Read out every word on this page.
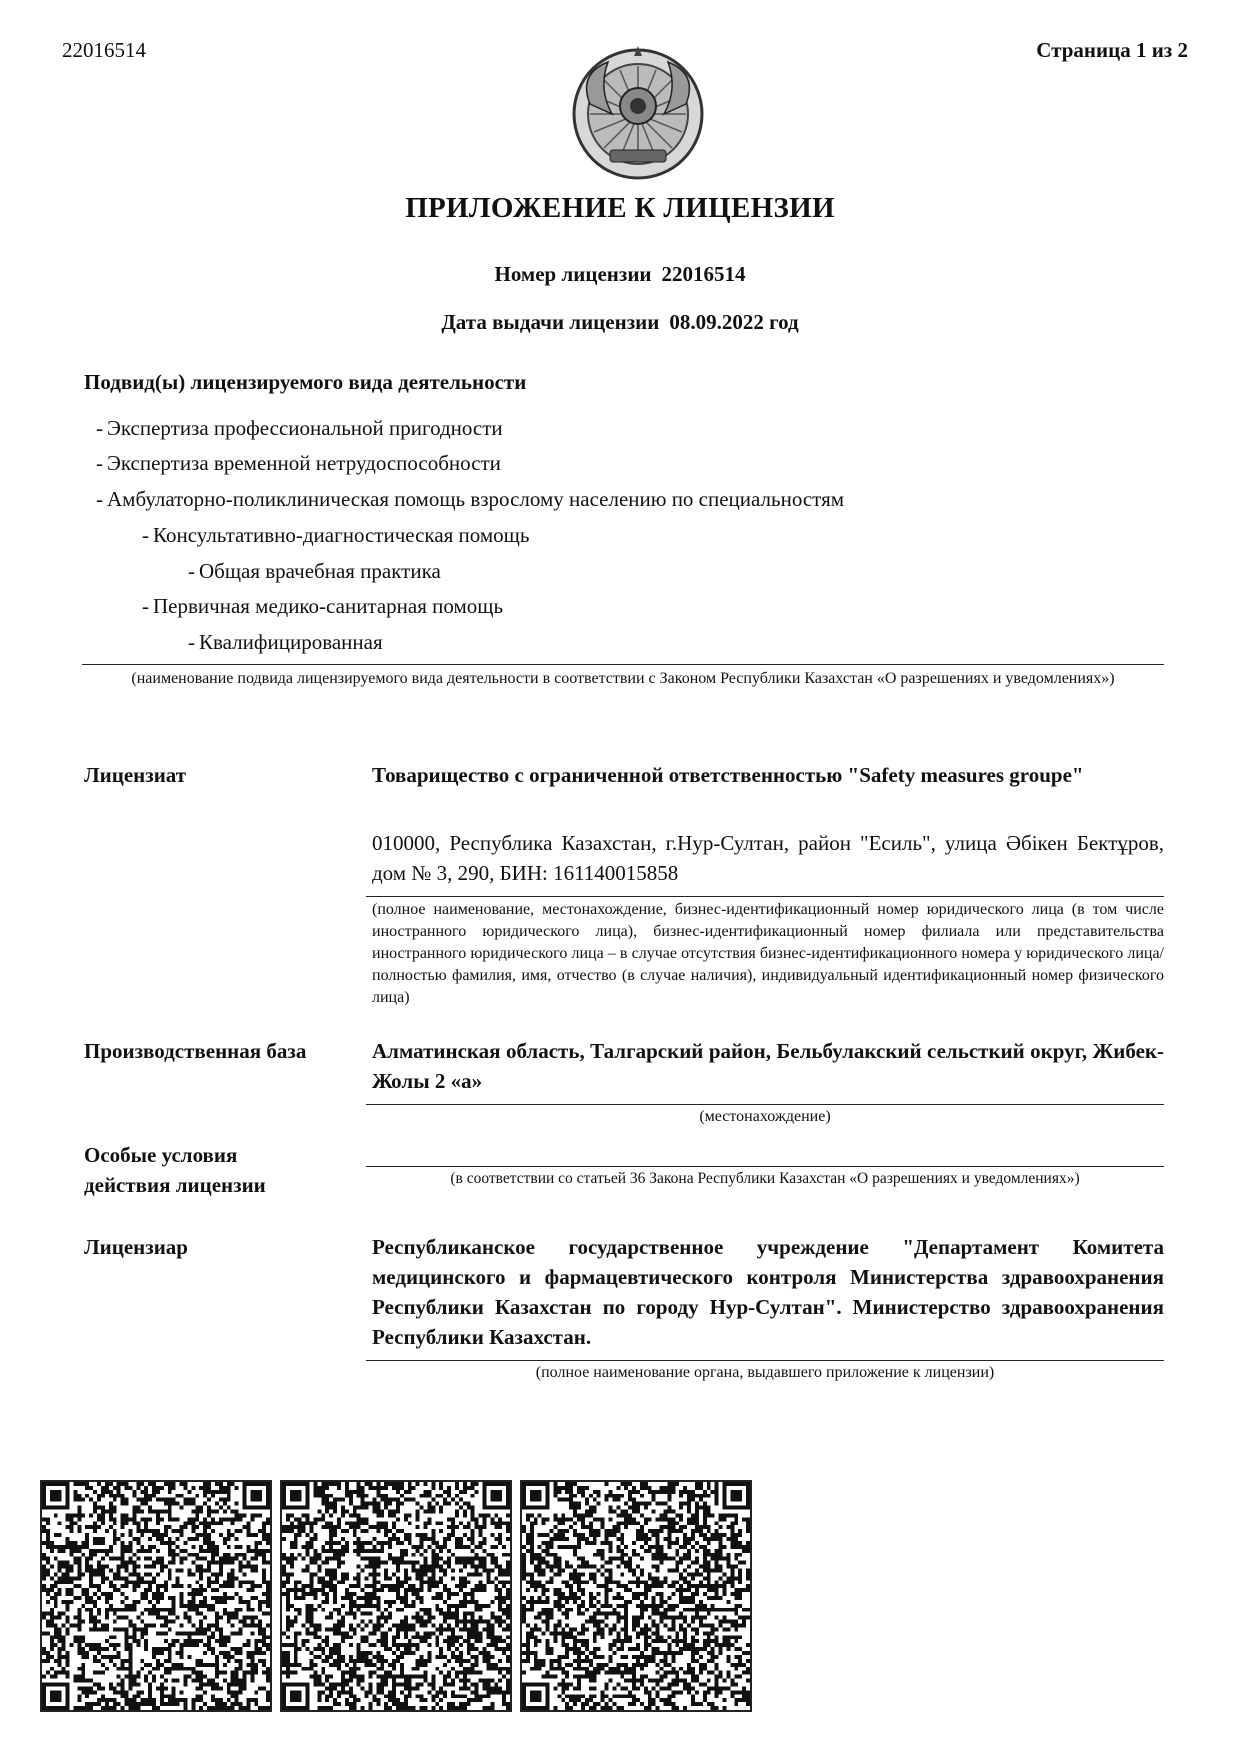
22016514	Страница 1 из 2
ПРИЛОЖЕНИЕ К ЛИЦЕНЗИИ
Номер лицензии 22016514
Дата выдачи лицензии 08.09.2022 год
Подвид(ы) лицензируемого вида деятельности
- Экспертиза профессиональной пригодности
- Экспертиза временной нетрудоспособности
- Амбулаторно-поликлиническая помощь взрослому населению по специальностям
- Консультативно-диагностическая помощь
- Общая врачебная практика
- Первичная медико-санитарная помощь
- Квалифицированная
(наименование подвида лицензируемого вида деятельности в соответствии с Законом Республики Казахстан «О разрешениях и уведомлениях»)
Лицензиат	Товарищество с ограниченной ответственностью "Safety measures groupe"
010000, Республика Казахстан, г.Нур-Султан, район "Есиль", улица Әбікен Бектұров, дом № 3, 290, БИН: 161140015858
(полное наименование, местонахождение, бизнес-идентификационный номер юридического лица (в том числе иностранного юридического лица), бизнес-идентификационный номер филиала или представительства иностранного юридического лица – в случае отсутствия бизнес-идентификационного номера у юридического лица/полностью фамилия, имя, отчество (в случае наличия), индивидуальный идентификационный номер физического лица)
Производственная база	Алматинская область, Талгарский район, Бельбулакский сельсткий округ, Жибек-Жолы 2 «а»
(местонахождение)
Особые условия
действия лицензии	(в соответствии со статьей 36 Закона Республики Казахстан «О разрешениях и уведомлениях»)
Лицензиар	Республиканское государственное учреждение "Департамент Комитета медицинского и фармацевтического контроля Министерства здравоохранения Республики Казахстан по городу Нур-Султан". Министерство здравоохранения Республики Казахстан.
(полное наименование органа, выдавшего приложение к лицензии)
